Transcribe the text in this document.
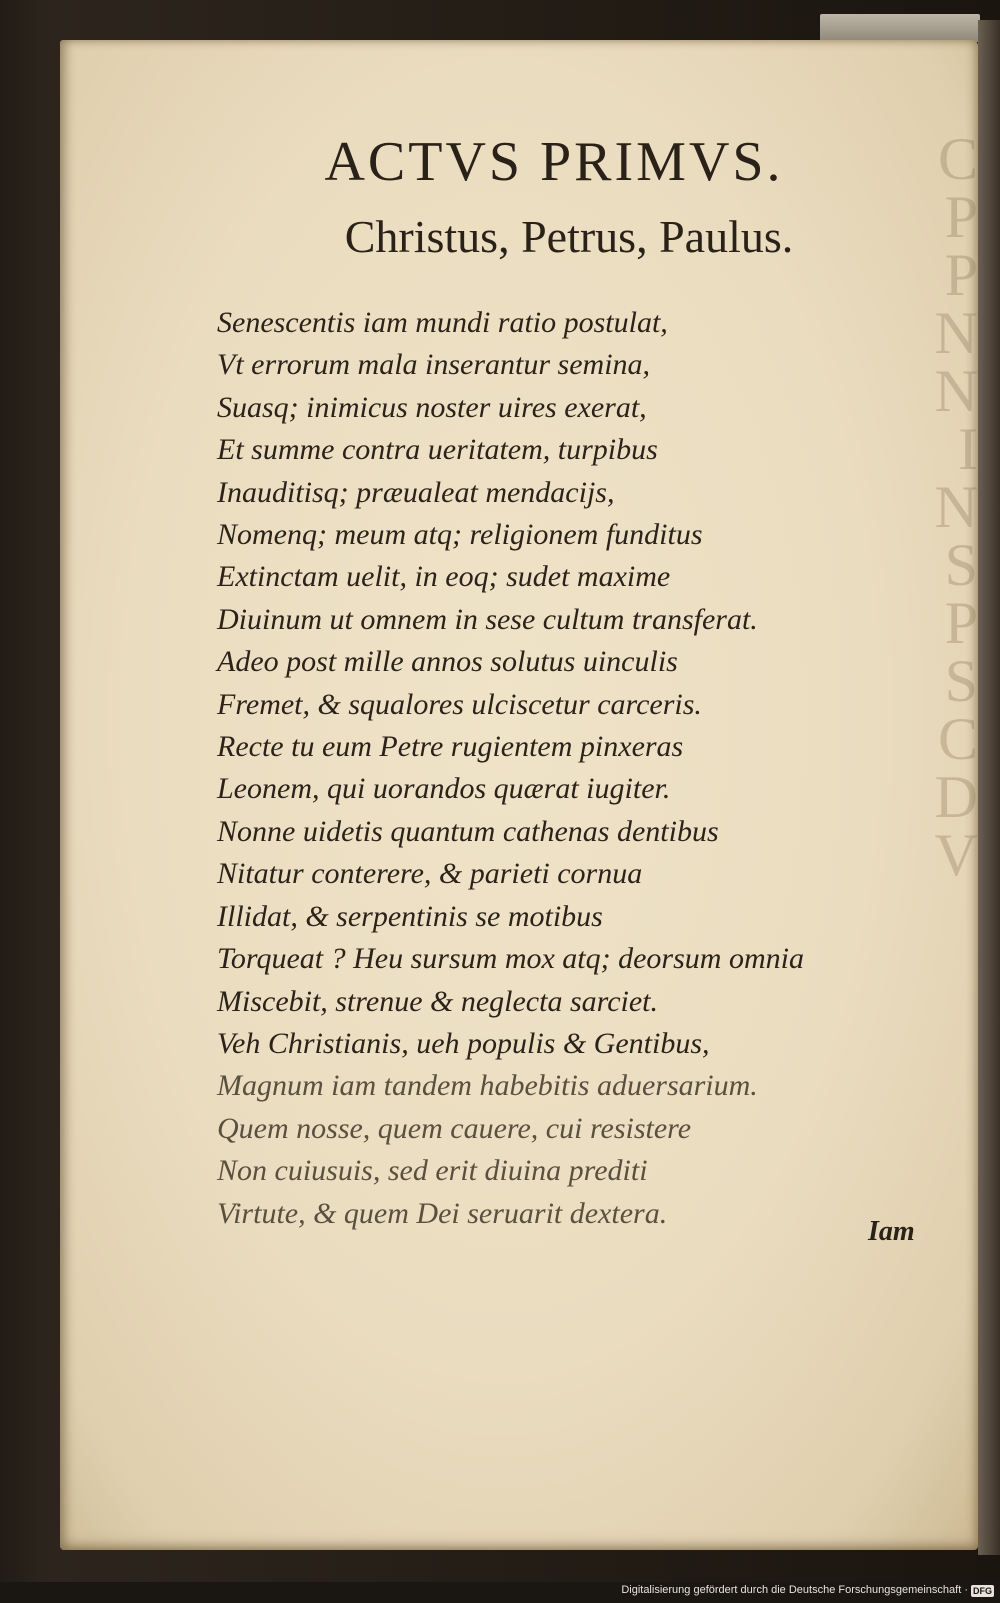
C
P
P
N
N
I
N
S
P
S
C
D
V
ACTVS PRIMVS.
Christus, Petrus, Paulus.
Senescentis iam mundi ratio postulat,
Vt errorum mala inserantur semina,
Suasq; inimicus noster uires exerat,
Et summe contra ueritatem, turpibus
Inauditisq; præualeat mendacijs,
Nomenq; meum atq; religionem funditus
Extinctam uelit, in eoq; sudet maxime
Diuinum ut omnem in sese cultum transferat.
Adeo post mille annos solutus uinculis
Fremet, & squalores ulciscetur carceris.
Recte tu eum Petre rugientem pinxeras
Leonem, qui uorandos quærat iugiter.
Nonne uidetis quantum cathenas dentibus
Nitatur conterere, & parieti cornua
Illidat, & serpentinis se motibus
Torqueat ? Heu sursum mox atq; deorsum omnia
Miscebit, strenue & neglecta sarciet.
Veh Christianis, ueh populis & Gentibus,
Magnum iam tandem habebitis aduersarium.
Quem nosse, quem cauere, cui resistere
Non cuiusuis, sed erit diuina prediti
Virtute, & quem Dei seruarit dextera.
Iam
Digitalisierung gefördert durch die Deutsche Forschungsgemeinschaft · DFG
